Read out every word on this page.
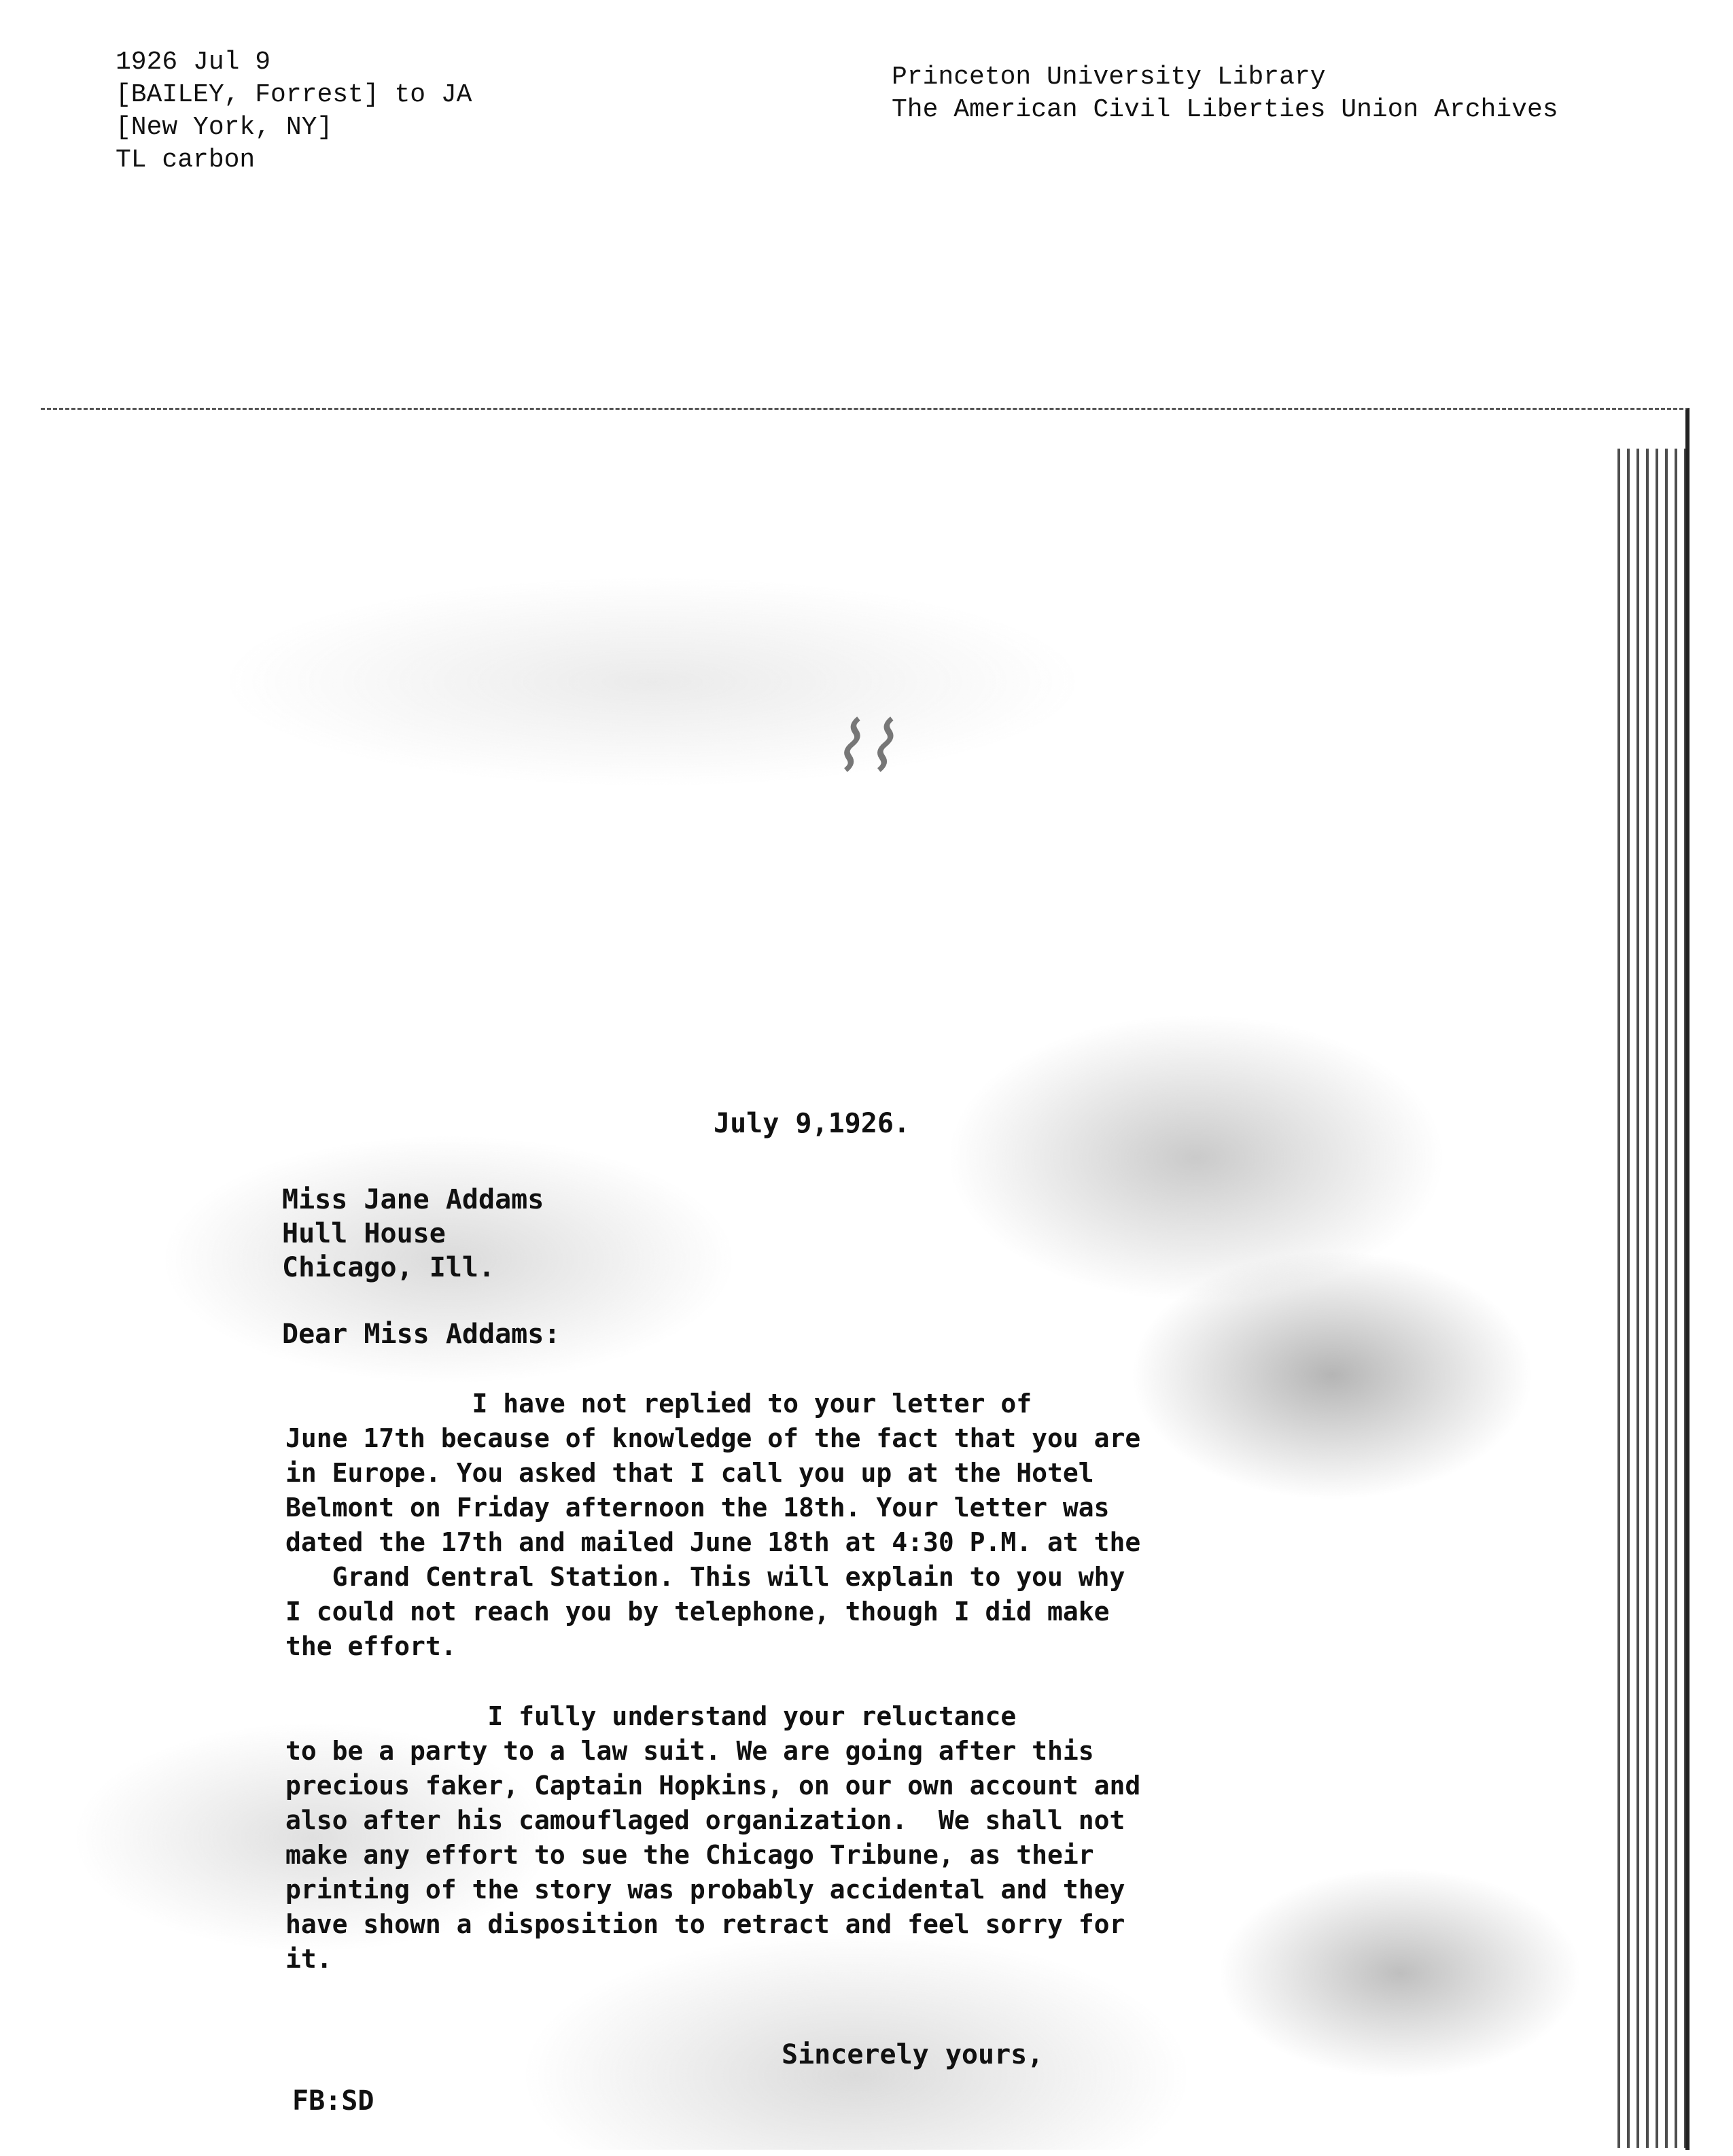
1926 Jul 9
[BAILEY, Forrest] to JA
[New York, NY]
TL carbon
Princeton University Library
The American Civil Liberties Union Archives
⌇⌇
July 9,1926.
Miss Jane Addams
Hull House
Chicago, Ill.
Dear Miss Addams:
I have not replied to your letter of
June 17th because of knowledge of the fact that you are
in Europe. You asked that I call you up at the Hotel
Belmont on Friday afternoon the 18th. Your letter was
dated the 17th and mailed June 18th at 4:30 P.M. at the
Grand Central Station. This will explain to you why
I could not reach you by telephone, though I did make
the effort.
I fully understand your reluctance
to be a party to a law suit. We are going after this
precious faker, Captain Hopkins, on our own account and
also after his camouflaged organization.  We shall not
make any effort to sue the Chicago Tribune, as their
printing of the story was probably accidental and they
have shown a disposition to retract and feel sorry for
it.
Sincerely yours,
FB:SD
